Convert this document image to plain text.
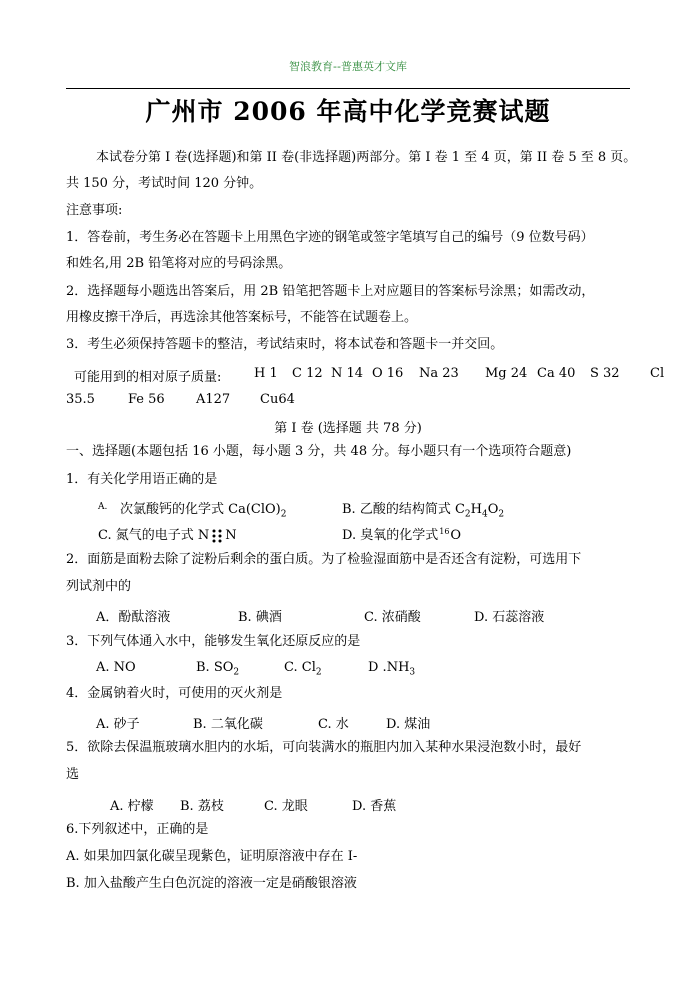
智浪教育--普惠英才文库
广州市 2006 年高中化学竞赛试题
本试卷分第 I 卷(选择题)和第 II 卷(非选择题)两部分。第 I 卷 1 至 4 页，第 II 卷 5 至 8 页。
共 150 分，考试时间 120 分钟。
注意事项:
1．答卷前，考生务必在答题卡上用黑色字迹的钢笔或签字笔填写自己的编号（9 位数号码）
和姓名,用 2B 铅笔将对应的号码涂黑。
2．选择题每小题选出答案后，用 2B 铅笔把答题卡上对应题目的答案标号涂黑；如需改动，
用橡皮擦干净后，再选涂其他答案标号，不能答在试题卷上。
3．考生必须保持答题卡的整洁，考试结束时，将本试卷和答题卡一并交回。
可能用到的相对原子质量:	H 1 C 12 N 14 O 16 Na 23 Mg 24 Ca 40 S 32 Cl
35.5	Fe 56 A127 Cu64
第 I 卷 (选择题 共 78 分)
一、选择题(本题包括 16 小题，每小题 3 分，共 48 分。每小题只有一个选项符合题意)
1．有关化学用语正确的是
A. 次氯酸钙的化学式 $Ca(ClO)_2$	B. 乙酸的结构简式 $C_2H_4O_2$
C. 氮气的电子式 N N	D. 臭氧的化学式$^{16}$O
2．面筋是面粉去除了淀粉后剩余的蛋白质。为了检验湿面筋中是否还含有淀粉，可选用下
列试剂中的
A．酚酞溶液	B. 碘酒	C. 浓硝酸	D. 石蕊溶液
3．下列气体通入水中，能够发生氧化还原反应的是
A. NO	B. $SO_2$	C. $Cl_2$	D $.NH_3$
4．金属钠着火时，可使用的灭火剂是
A. 砂子	B. 二氧化碳	C. 水	D. 煤油
5．欲除去保温瓶玻璃水胆内的水垢，可向装满水的瓶胆内加入某种水果浸泡数小时，最好
选
A. 柠檬 B. 荔枝	C. 龙眼	D. 香蕉
6.下列叙述中，正确的是
A. 如果加四氯化碳呈现紫色，证明原溶液中存在 I-
B. 加入盐酸产生白色沉淀的溶液一定是硝酸银溶液
